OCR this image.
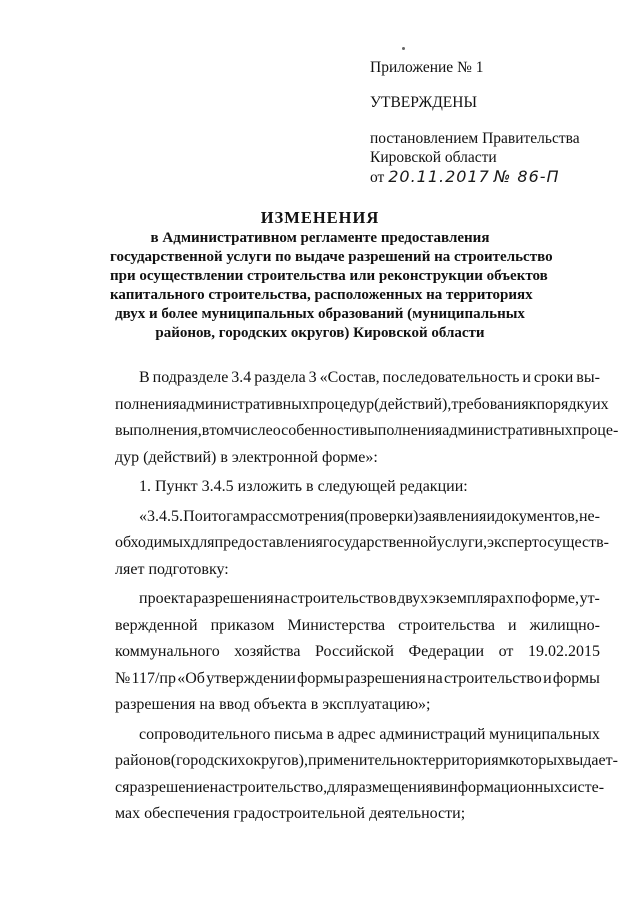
Приложение № 1
УТВЕРЖДЕНЫ
постановлением Правительства
Кировской области
от 20.11.2017 № 86-П
ИЗМЕНЕНИЯ
в Административном регламенте предоставления
государственной услуги по выдаче разрешений на строительство
при осуществлении строительства или реконструкции объектов
капитального строительства, расположенных на территориях
двух и более муниципальных образований (муниципальных
районов, городских округов) Кировской области
В подразделе 3.4 раздела 3 «Состав, последовательность и сроки вы-
полнения административных процедур (действий), требования к порядку их
выполнения, в том числе особенности выполнения административных проце-
дур (действий) в электронной форме»:
1. Пункт 3.4.5 изложить в следующей редакции:
«3.4.5. По итогам рассмотрения (проверки) заявления и документов, не-
обходимых для предоставления государственной услуги, эксперт осуществ-
ляет подготовку:
проекта разрешения на строительство в двух экземплярах по форме, ут-
вержденной приказом Министерства строительства и жилищно-
коммунального хозяйства Российской Федерации от 19.02.2015
№ 117/пр «Об утверждении формы разрешения на строительство и формы
разрешения на ввод объекта в эксплуатацию»;
сопроводительного письма в адрес администраций муниципальных
районов (городских округов), применительно к территориям которых выдает-
ся разрешение на строительство, для размещения в информационных систе-
мах обеспечения градостроительной деятельности;
